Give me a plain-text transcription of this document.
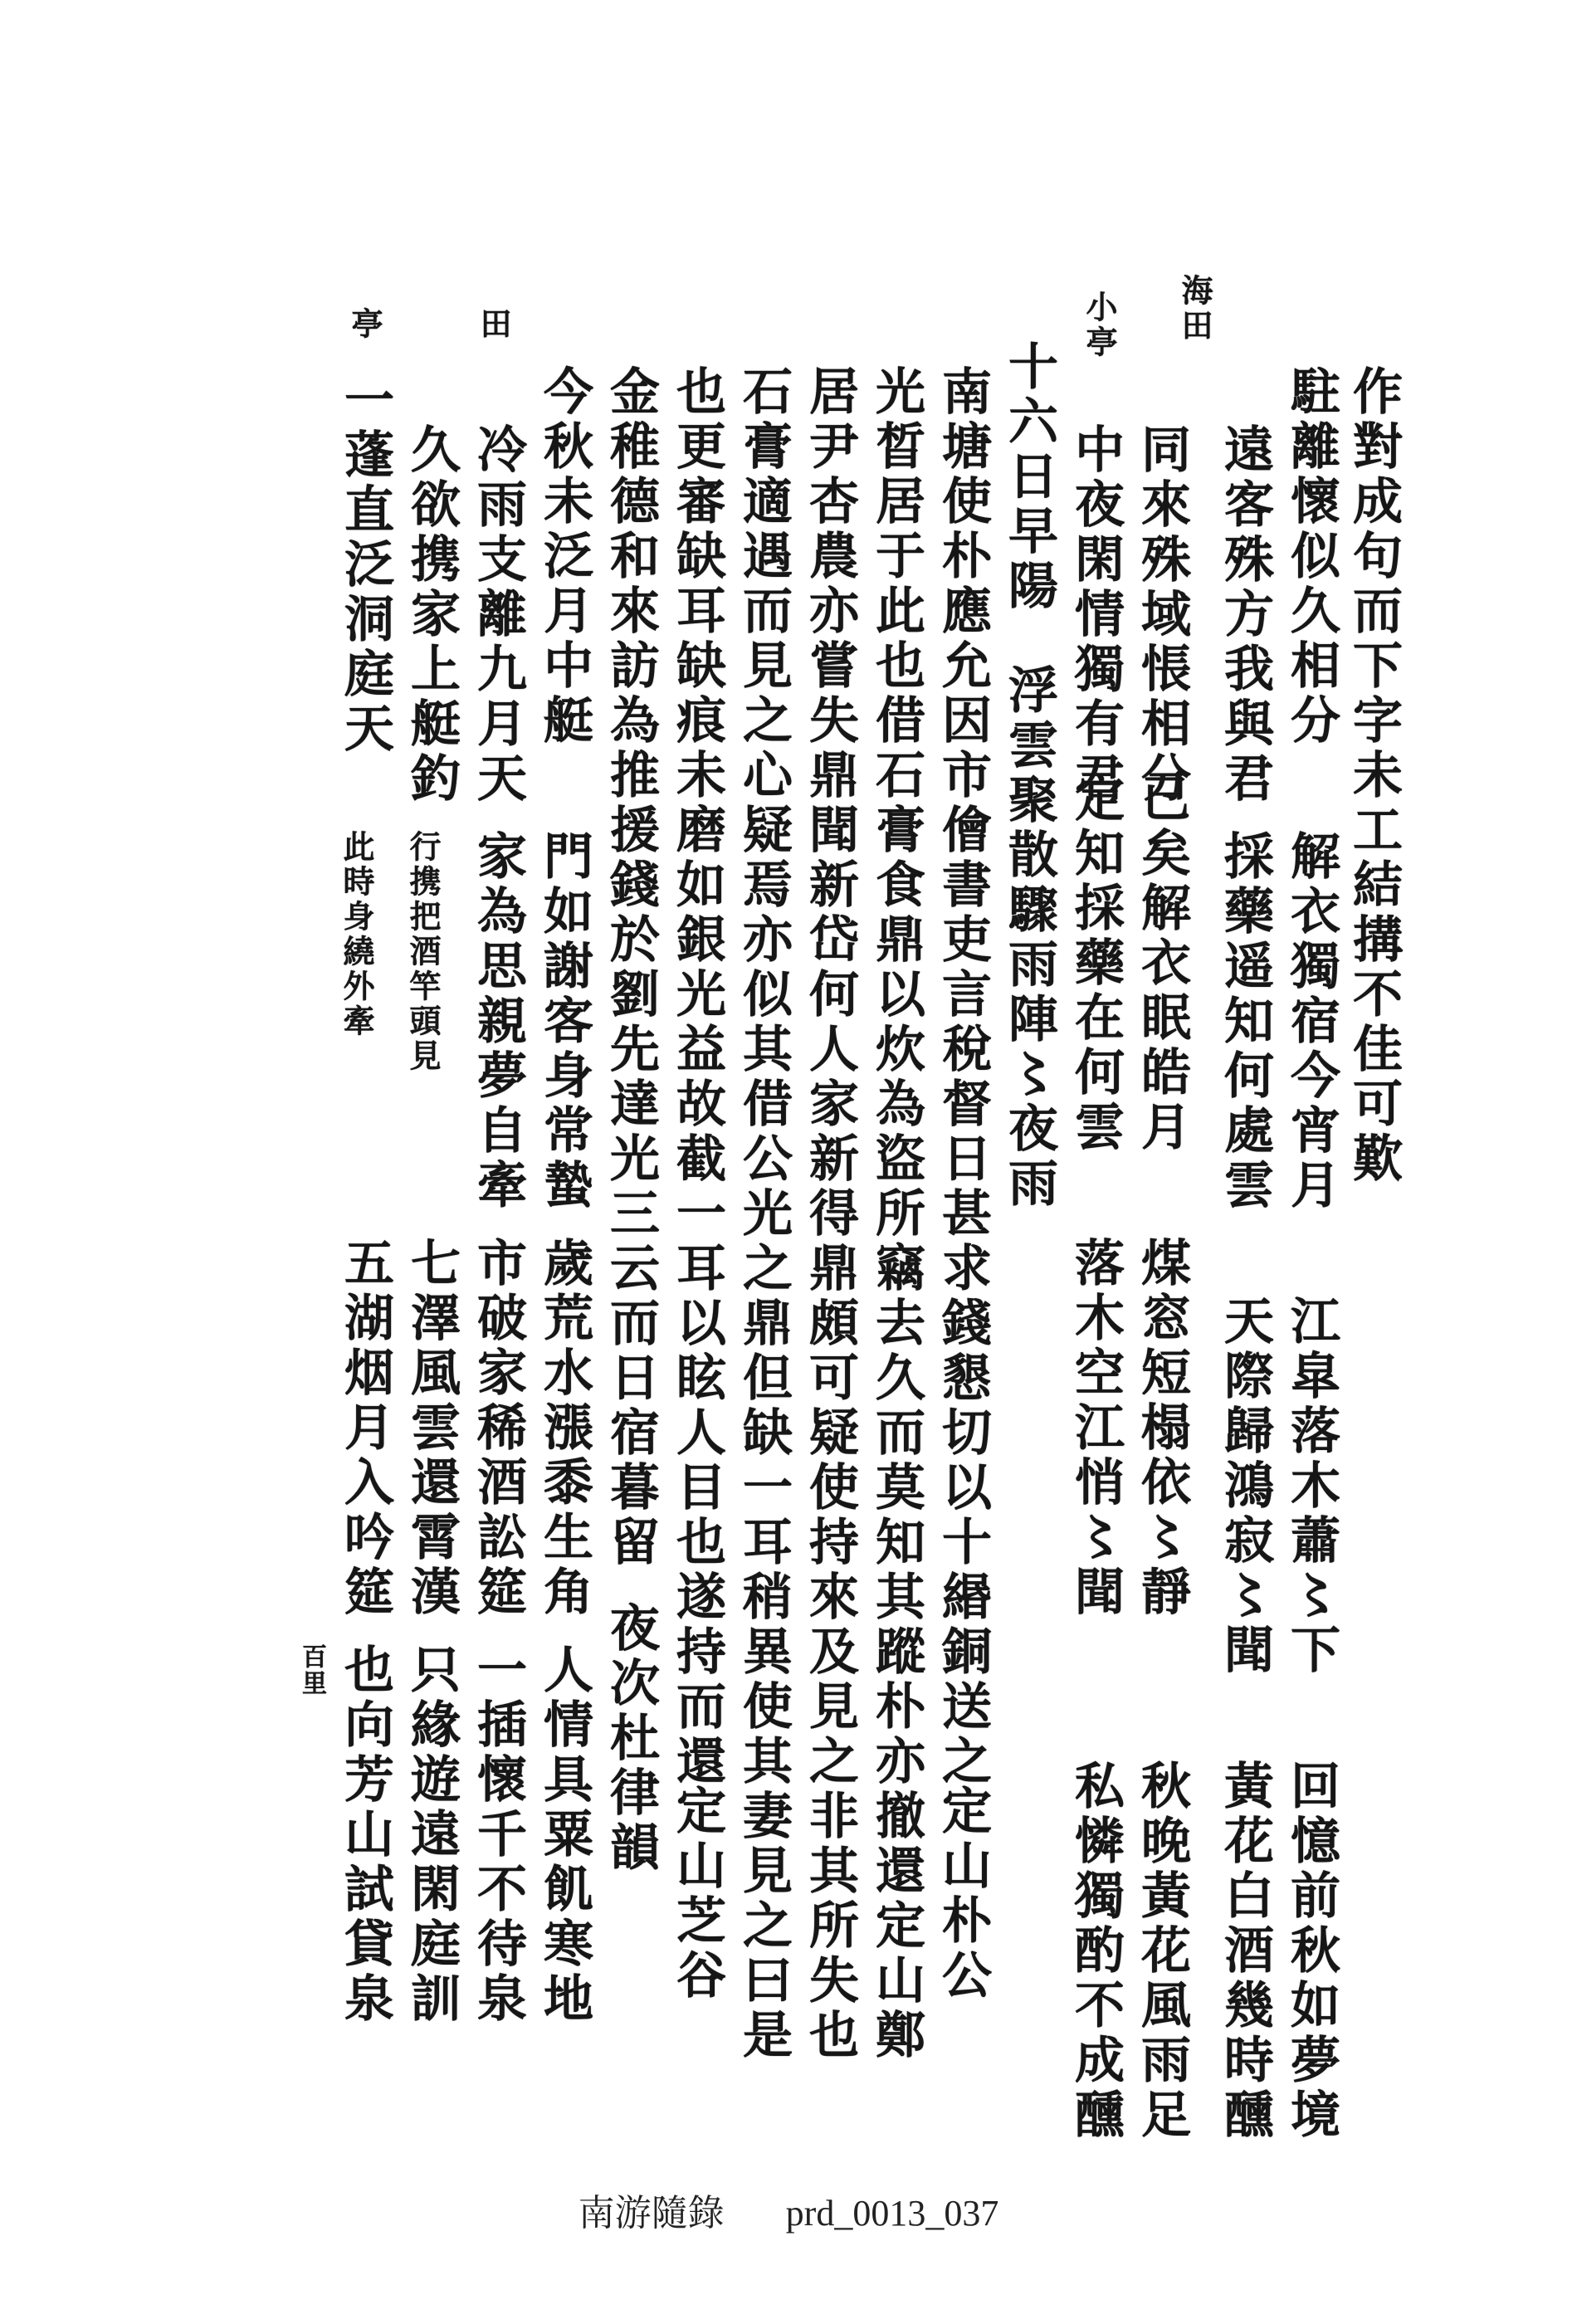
作對成句而下字未工結搆不佳可歎
駐離懷似久相分
解衣獨宿今宵月
江皐落木蕭〻下
回憶前秋如夢境
遠客殊方我與君
採藥遥知何處雲
天際歸鴻寂〻聞
黃花白酒幾時醺
海田
同來殊域悵相分
已矣解衣眠皓月
煤窓短榻依〻靜
秋晚黃花風雨足
小亭
中夜閑情獨有君
定知採藥在何雲
落木空江悄〻聞
私憐獨酌不成醺
十六日早陽
浮雲聚散驟雨陣〻夜雨
南塘使朴應允因市儈書吏言稅督日甚求錢懇切以十緡銅送之
定山朴公
光晳居于此也借石膏食鼎以炊為盜所竊去久而莫知其蹤朴亦撤還定山鄭
居尹杏農亦嘗失鼎聞新岱何人家新得鼎頗可疑使持來及見之非其所失也
石膏適遇而見之心疑焉亦似其借公光之鼎但缺一耳稍異使其妻見之曰是
也更審缺耳缺痕未磨如銀光益故截一耳以眩人目也遂持而還
定山芝谷
金稚德和來訪為推援錢於劉先達光三云而日宿暮留
夜次杜律韻
今秋未泛月中艇
門如謝客身常蟄
歲荒水漲黍生角
人情具粟飢寒地
田
冷雨支離九月天
家為思親夢自牽
市破家稀酒訟筵
一插懷千不待泉
久欲携家上艇釣
行携把酒竿頭見
七澤風雲還霄漢
只緣遊遠閑庭訓
亭
一蓬直泛洞庭天
此時身繞外牽
五湖烟月入吟筵
也向芳山試貸泉
百里
南游隨錄 prd_0013_037
